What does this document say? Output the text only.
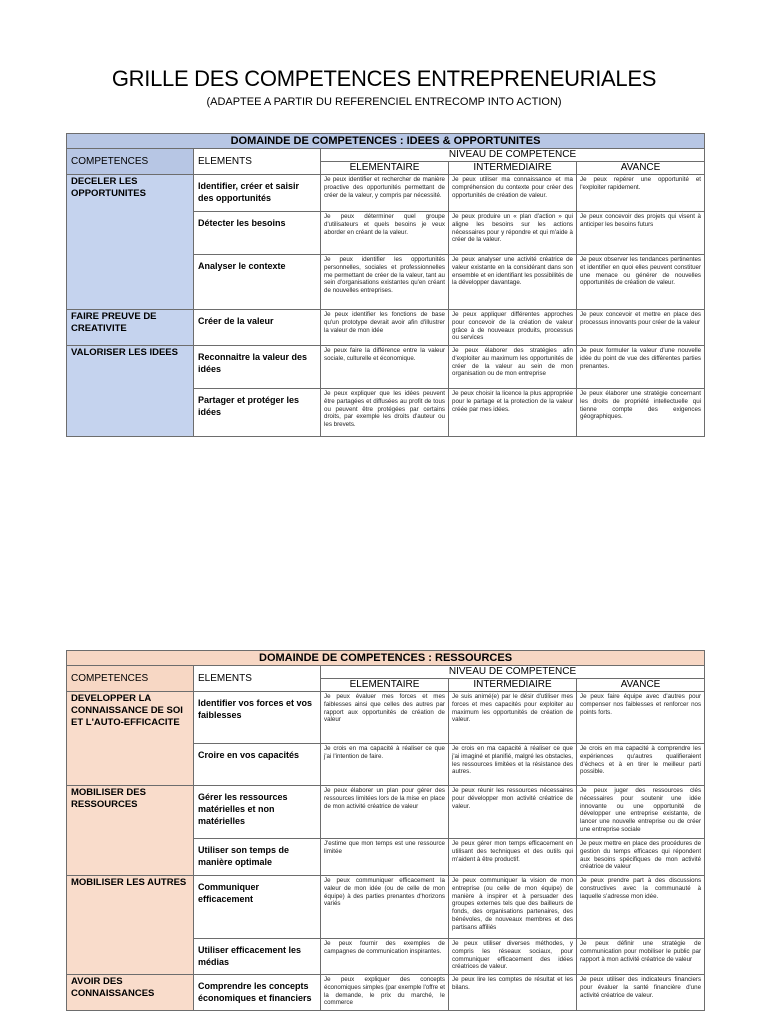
GRILLE DES COMPETENCES ENTREPRENEURIALES
(ADAPTEE A PARTIR DU REFERENCIEL ENTRECOMP INTO ACTION)
DOMAINDE DE COMPETENCES : IDEES & OPPORTUNITES				
COMPETENCES	ELEMENTS	NIVEAU DE COMPETENCE		
		ELEMENTAIRE	INTERMEDIAIRE	AVANCE
DECELER LES OPPORTUNITES	Identifier, créer et saisir des opportunités	Je peux identifier et rechercher de manière proactive des opportunités permettant de créer de la valeur, y compris par nécessité.	Je peux utiliser ma connaissance et ma compréhension du contexte pour créer des opportunités de création de valeur.	Je peux repérer une opportunité et l'exploiter rapidement.
	Détecter les besoins	Je peux déterminer quel groupe d'utilisateurs et quels besoins je veux aborder en créant de la valeur.	Je peux produire un « plan d'action » qui aligne les besoins sur les actions nécessaires pour y répondre et qui m'aide à créer de la valeur.	Je peux concevoir des projets qui visent à anticiper les besoins futurs
	Analyser le contexte	Je peux identifier les opportunités personnelles, sociales et professionnelles me permettant de créer de la valeur, tant au sein d'organisations existantes qu'en créant de nouvelles entreprises.	Je peux analyser une activité créatrice de valeur existante en la considérant dans son ensemble et en identifiant les possibilités de la développer davantage.	Je peux observer les tendances pertinentes et identifier en quoi elles peuvent constituer une menace ou générer de nouvelles opportunités de création de valeur.
FAIRE PREUVE DE CREATIVITE	Créer de la valeur	Je peux identifier les fonctions de base qu'un prototype devrait avoir afin d'illustrer la valeur de mon idée	Je peux appliquer différentes approches pour concevoir de la création de valeur grâce à de nouveaux produits, processus ou services	Je peux concevoir et mettre en place des processus innovants pour créer de la valeur
VALORISER LES IDEES	Reconnaitre la valeur des idées	Je peux faire la différence entre la valeur sociale, culturelle et économique.	Je peux élaborer des stratégies afin d'exploiter au maximum les opportunités de créer de la valeur au sein de mon organisation ou de mon entreprise	Je peux formuler la valeur d'une nouvelle idée du point de vue des différentes parties prenantes.
	Partager et protéger les idées	Je peux expliquer que les idées peuvent être partagées et diffusées au profit de tous ou peuvent être protégées par certains droits, par exemple les droits d'auteur ou les brevets.	Je peux choisir la licence la plus appropriée pour le partage et la protection de la valeur créée par mes idées.	Je peux élaborer une stratégie concernant les droits de propriété intellectuelle qui tienne compte des exigences géographiques.
DOMAINDE DE COMPETENCES : RESSOURCES				
COMPETENCES	ELEMENTS	NIVEAU DE COMPETENCE		
		ELEMENTAIRE	INTERMEDIAIRE	AVANCE
DEVELOPPER LA CONNAISSANCE DE SOI ET L'AUTO-EFFICACITE	Identifier vos forces et vos faiblesses	Je peux évaluer mes forces et mes faiblesses ainsi que celles des autres par rapport aux opportunités de création de valeur	Je suis animé(e) par le désir d'utiliser mes forces et mes capacités pour exploiter au maximum les opportunités de création de valeur.	Je peux faire équipe avec d'autres pour compenser nos faiblesses et renforcer nos points forts.
	Croire en vos capacités	Je crois en ma capacité à réaliser ce que j'ai l'intention de faire.	Je crois en ma capacité à réaliser ce que j'ai imaginé et planifié, malgré les obstacles, les ressources limitées et la résistance des autres.	Je crois en ma capacité à comprendre les expériences qu'autres qualifieraient d'échecs et à en tirer le meilleur parti possible.
MOBILISER DES RESSOURCES	Gérer les ressources matérielles et non matérielles	Je peux élaborer un plan pour gérer des ressources limitées lors de la mise en place de mon activité créatrice de valeur	Je peux réunir les ressources nécessaires pour développer mon activité créatrice de valeur.	Je peux juger des ressources clés nécessaires pour soutenir une idée innovante ou une opportunité de développer une entreprise existante, de lancer une nouvelle entreprise ou de créer une entreprise sociale
	Utiliser son temps de manière optimale	J'estime que mon temps est une ressource limitée	Je peux gérer mon temps efficacement en utilisant des techniques et des outils qui m'aident à être productif.	Je peux mettre en place des procédures de gestion du temps efficaces qui répondent aux besoins spécifiques de mon activité créatrice de valeur
MOBILISER LES AUTRES	Communiquer efficacement	Je peux communiquer efficacement la valeur de mon idée (ou de celle de mon équipe) à des parties prenantes d'horizons variés	Je peux communiquer la vision de mon entreprise (ou celle de mon équipe) de manière à inspirer et à persuader des groupes externes tels que des bailleurs de fonds, des organisations partenaires, des bénévoles, de nouveaux membres et des partisans affiliés	Je peux prendre part à des discussions constructives avec la communauté à laquelle s'adresse mon idée.
	Utiliser efficacement les médias	Je peux fournir des exemples de campagnes de communication inspirantes.	Je peux utiliser diverses méthodes, y compris les réseaux sociaux, pour communiquer efficacement des idées créatrices de valeur.	Je peux définir une stratégie de communication pour mobiliser le public par rapport à mon activité créatrice de valeur
AVOIR DES CONNAISSANCES	Comprendre les concepts économiques et financiers	Je peux expliquer des concepts économiques simples (par exemple l'offre et la demande, le prix du marché, le commerce	Je peux lire les comptes de résultat et les bilans.	Je peux utiliser des indicateurs financiers pour évaluer la santé financière d'une activité créatrice de valeur.
